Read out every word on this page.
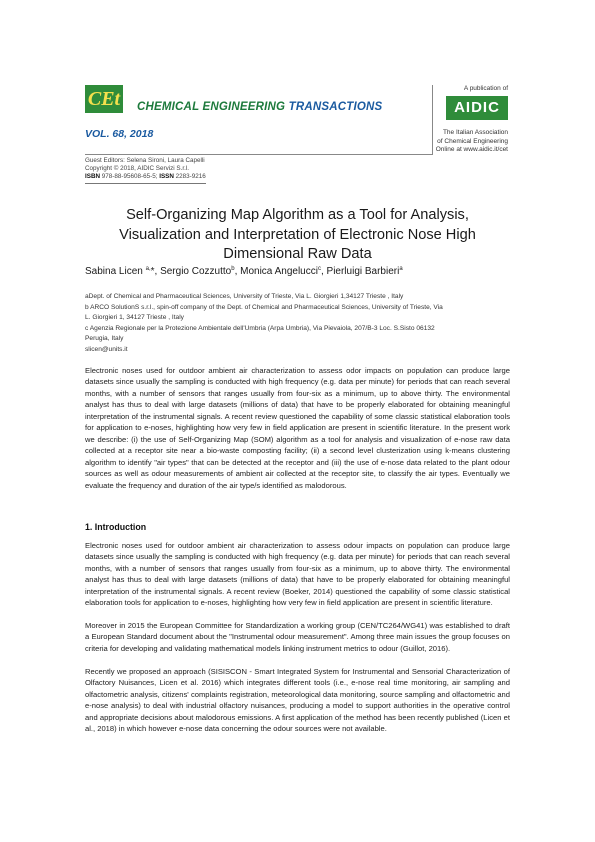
CEt CHEMICAL ENGINEERING TRANSACTIONS
VOL. 68, 2018
A publication of
AIDIC
The Italian Association
of Chemical Engineering
Online at www.aidic.it/cet
Guest Editors: Selena Sironi, Laura Capelli
Copyright © 2018, AIDIC Servizi S.r.l.
ISBN 978-88-95608-65-5; ISSN 2283-9216
Self-Organizing Map Algorithm as a Tool for Analysis,
Visualization and Interpretation of Electronic Nose High
Dimensional Raw Data
Sabina Licen $^{a,}$*, Sergio Cozzutto$^b$, Monica Angelucci$^c$, Pierluigi Barbieri$^a$
aDept. of Chemical and Pharmaceutical Sciences, University of Trieste, Via L. Giorgieri 1,34127 Trieste , Italy
b ARCO SolutionS s.r.l., spin-off company of the Dept. of Chemical and Pharmaceutical Sciences, University of Trieste, Via
L. Giorgieri 1, 34127 Trieste , Italy
c Agenzia Regionale per la Protezione Ambientale dell'Umbria (Arpa Umbria), Via Pievaiola, 207/B-3 Loc. S.Sisto 06132
Perugia, Italy
slicen@units.it
Electronic noses used for outdoor ambient air characterization to assess odor impacts on population can produce large datasets since usually the sampling is conducted with high frequency (e.g. data per minute) for periods that can reach several months, with a number of sensors that ranges usually from four-six as a minimum, up to above thirty. The environmental analyst has thus to deal with large datasets (millions of data) that have to be properly elaborated for obtaining meaningful interpretation of the instrumental signals. A recent review questioned the capability of some classic statistical elaboration tools for application to e-noses, highlighting how very few in field application are present in scientific literature. In the present work we describe: (i) the use of Self-Organizing Map (SOM) algorithm as a tool for analysis and visualization of e-nose raw data collected at a receptor site near a bio-waste composting facility; (ii) a second level clusterization using k-means clustering algorithm to identify "air types" that can be detected at the receptor and (iii) the use of e-nose data related to the plant odour sources as well as odour measurements of ambient air collected at the receptor site, to classify the air types. Eventually we evaluate the frequency and duration of the air type/s identified as malodorous.
1. Introduction
Electronic noses used for outdoor ambient air characterization to assess odour impacts on population can produce large datasets since usually the sampling is conducted with high frequency (e.g. data per minute) for periods that can reach several months, with a number of sensors that ranges usually from four-six as a minimum, up to above thirty. The environmental analyst has thus to deal with large datasets (millions of data) that have to be properly elaborated for obtaining meaningful interpretation of the instrumental signals. A recent review (Boeker, 2014) questioned the capability of some classic statistical elaboration tools for application to e-noses, highlighting how very few in field application are present in scientific literature.
Moreover in 2015 the European Committee for Standardization a working group (CEN/TC264/WG41) was established to draft a European Standard document about the "Instrumental odour measurement". Among three main issues the group focuses on criteria for developing and validating mathematical models linking instrument metrics to odour (Guillot, 2016).
Recently we proposed an approach (SISISCON - Smart Integrated System for Instrumental and Sensorial Characterization of Olfactory Nuisances, Licen et al. 2016) which integrates different tools (i.e., e-nose real time monitoring, air sampling and olfactometric analysis, citizens' complaints registration, meteorological data monitoring, source sampling and olfactometric and e-nose analysis) to deal with industrial olfactory nuisances, producing a model to support authorities in the operative control and appropriate decisions about malodorous emissions. A first application of the method has been recently published (Licen et al., 2018) in which however e-nose data concerning the odour sources were not available.
